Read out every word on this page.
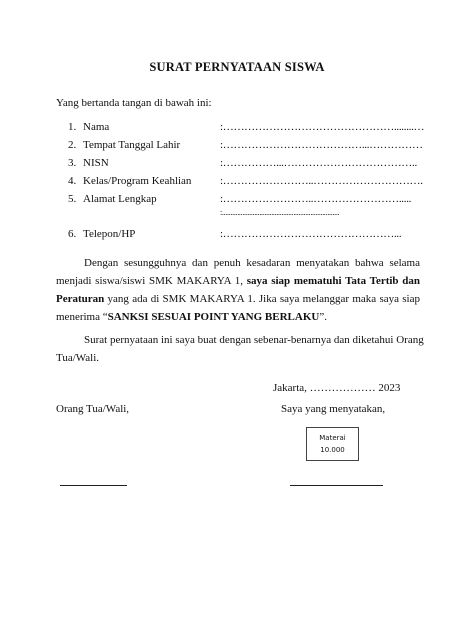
SURAT PERNYATAAN SISWA
Yang bertanda tangan di bawah ini:
1. Nama	:…………………………………………........…
2. Tempat Tanggal Lahir	:…………………………………...……………
3. NISN	:……………...………………………………..
4. Kelas/Program Keahlian	:……………………..………………………….
5. Alamat Lengkap	:……………………..…………………….....
:.....................................................................
6. Telepon/HP	:…………………………………………...
Dengan sesungguhnya dan penuh kesadaran menyatakan bahwa selama
menjadi siswa/siswi SMK MAKARYA 1, saya siap mematuhi Tata Tertib dan
Peraturan yang ada di SMK MAKARYA 1. Jika saya melanggar maka saya siap
menerima “SANKSI SESUAI POINT YANG BERLAKU”.
Surat pernyataan ini saya buat dengan sebenar-benarnya dan diketahui Orang
Tua/Wali.
Jakarta, ……………… 2023
Orang Tua/Wali,	Saya yang menyatakan,
Materai
10.000
